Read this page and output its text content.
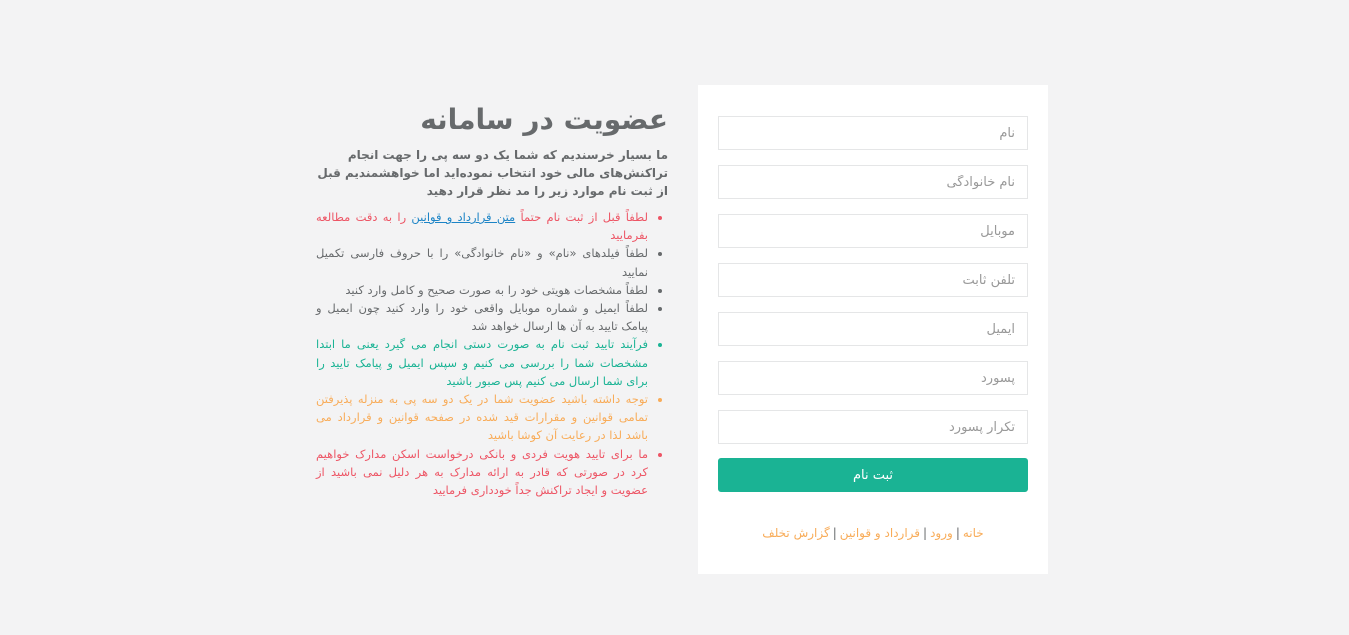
عضویت در سامانه

ما بسیار خرسندیم که شما یک دو سه پی را جهت انجام تراکنش‌های مالی خود انتخاب نموده‌اید اما خواهشمندیم قبل از ثبت نام موارد زیر را مد نظر قرار دهید

• لطفاً قبل از ثبت نام حتماً متن قرارداد و قوانین را به دقت مطالعه بفرمایید
• لطفاً فیلدهای «نام» و «نام خانوادگی» را با حروف فارسی تکمیل نمایید
• لطفاً مشخصات هویتی خود را به صورت صحیح و کامل وارد کنید
• لطفاً ایمیل و شماره موبایل واقعی خود را وارد کنید چون ایمیل و پیامک تایید به آن ها ارسال خواهد شد
• فرآیند تایید ثبت نام به صورت دستی انجام می گیرد یعنی ما ابتدا مشخصات شما را بررسی می کنیم و سپس ایمیل و پیامک تایید را برای شما ارسال می کنیم پس صبور باشید
• توجه داشته باشید عضویت شما در یک دو سه پی به منزله پذیرفتن تمامی قوانین و مقرارات قید شده در صفحه قوانین و قرارداد می باشد لذا در رعایت آن کوشا باشید
• ما برای تایید هویت فردی و بانکی درخواست اسکن مدارک خواهیم کرد در صورتی که قادر به ارائه مدارک به هر دلیل نمی باشید از عضویت و ایجاد تراکنش جداً خودداری فرمایید
نام
نام خانوادگی
موبایل
تلفن ثابت
ایمیل
ثبت نام
خانه|ورود|قرارداد و قوانین|گزارش تخلف
